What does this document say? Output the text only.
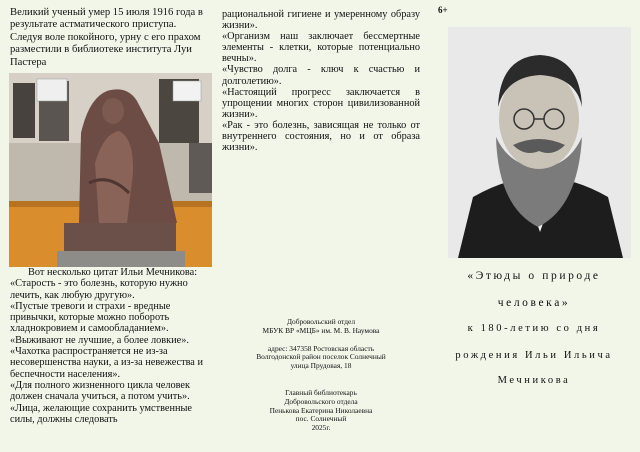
Великий ученый умер 15 июля 1916 года в результате астматического приступа. Следуя воле покойного, урну с его прахом разместили в библиотеке института Луи Пастера

Вот несколько цитат Ильи Мечникова:

«Старость - это болезнь, которую нужно лечить, как любую другую».

«Пустые тревоги и страхи - вредные привычки, которые можно побороть хладнокровием и самообладанием».

«Выживают не лучшие, а более ловкие».

«Чахотка распространяется не из-за несовершенства науки, а из-за невежества и беспечности населения».

«Для полного жизненного цикла человек должен сначала учиться, а потом учить».

«Лица, желающие сохранить умственные силы, должны следовать

рациональной гигиене и умеренному образу жизни».

«Организм наш заключает бессмертные элементы - клетки, которые потенциально вечны».

«Чувство долга - ключ к счастью и долголетию».

«Настоящий прогресс заключается в упрощении многих сторон цивилизованной жизни».

«Рак - это болезнь, зависящая не только от внутреннего состояния, но и от образа жизни».

Добровольский отдел

МБУК ВР «МЦБ» им. М. В. Наумова

адрес: 347358 Ростовская область

Волгодонской район поселок Солнечный

улица Прудовая, 18

Главный библиотекарь

Добровольского отдела

Пенькова Екатерина Николаевна

пос. Солнечный

2025г.

6+

«Этюды о природе

человека»

к 180-летию со дня

рождения Ильи Ильича

Мечникова
